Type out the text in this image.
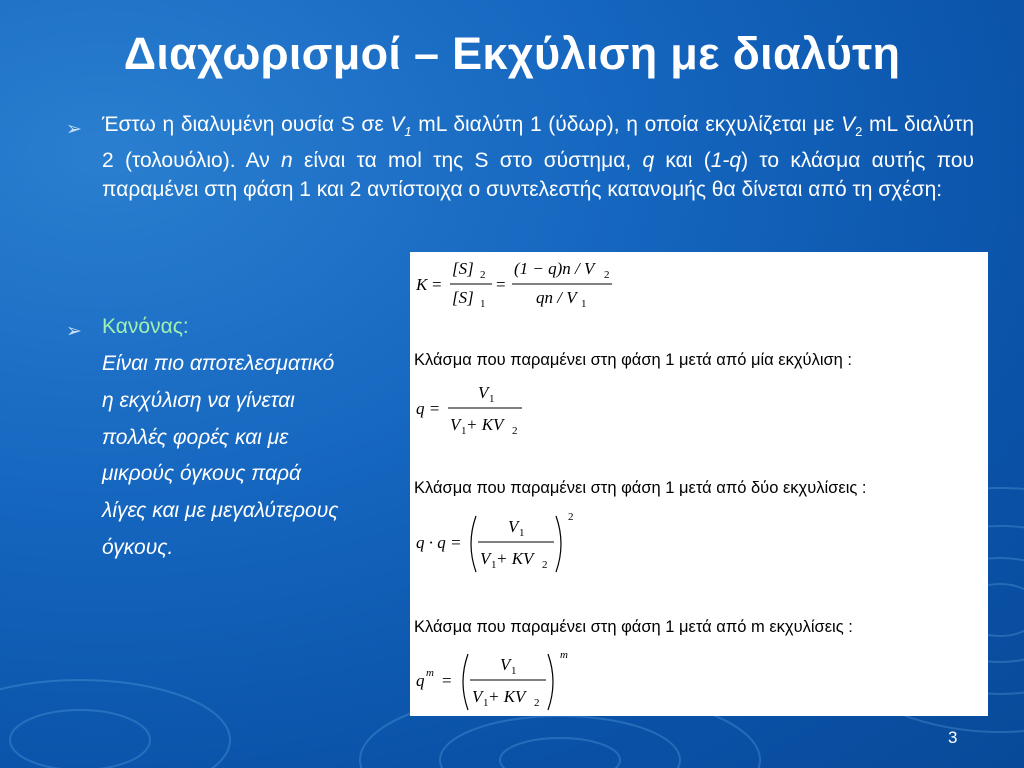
Διαχωρισμοί – Εκχύλιση με διαλύτη
➢ Έστω η διαλυμένη ουσία S σε $V_1$ mL διαλύτη 1 (ύδωρ), η οποία εκχυλίζεται με $V_2$ mL διαλύτη 2 (τολουόλιο). Αν n είναι τα mol της S στο σύστημα, q και (1-q) το κλάσμα αυτής που παραμένει στη φάση 1 και 2 αντίστοιχα ο συντελεστής κατανομής θα δίνεται από τη σχέση:
➢ Κανόνας:
Είναι πιο αποτελεσματικό
η εκχύλιση να γίνεται
πολλές φορές και με
μικρούς όγκους παρά
λίγες και με μεγαλύτερους
όγκους.
K =
[S] 2
[S] 1
=
(1 − q)n / V 2
qn / V 1
Κλάσμα που παραμένει στη φάση 1 μετά από μία εκχύλιση :
q =
V 1
V 1 + KV 2
Κλάσμα που παραμένει στη φάση 1 μετά από δύο εκχυλίσεις :
q · q =
V 1
V 1 + KV 2
2
Κλάσμα που παραμένει στη φάση 1 μετά από m εκχυλίσεις :
q m =
V 1
V 1 + KV 2
m
3
